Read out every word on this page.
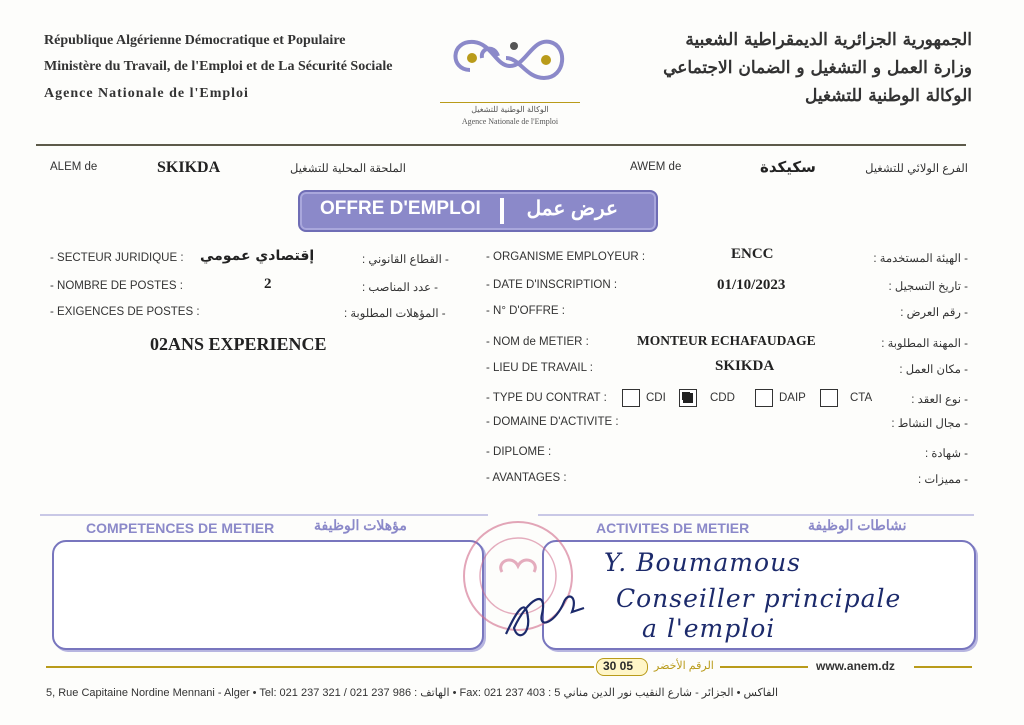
République Algérienne Démocratique et Populaire
Ministère du Travail, de l'Emploi et de La Sécurité Sociale
Agence Nationale de l'Emploi
الجمهورية الجزائرية الديمقراطية الشعبية
وزارة العمل و التشغيل و الضمان الاجتماعي
الوكالة الوطنية للتشغيل
الوكالة الوطنية للتشغيل
Agence Nationale de l'Emploi
ALEM de	SKIKDA	الملحقة المحلية للتشغيل	AWEM de	سكيكدة	الفرع الولائي للتشغيل
OFFRE D'EMPLOI عرض عمل
- SECTEUR JURIDIQUE : إقتصادي عمومي	- القطاع القانوني :
- NOMBRE DE POSTES :	2	- عدد المناصب :
- EXIGENCES DE POSTES :	- المؤهلات المطلوبة :
02ANS EXPERIENCE
- ORGANISME EMPLOYEUR :	ENCC	- الهيئة المستخدمة :
- DATE D'INSCRIPTION :	01/10/2023	- تاريخ التسجيل :
- N° D'OFFRE :	- رقم العرض :
- NOM de METIER :	MONTEUR ECHAFAUDAGE	- المهنة المطلوبة :
- LIEU DE TRAVAIL :	SKIKDA	- مكان العمل :
- TYPE DU CONTRAT :	CDI	CDD	DAIP	CTA	- نوع العقد :
- DOMAINE D'ACTIVITE :	- مجال النشاط :
- DIPLOME :	- شهادة :
- AVANTAGES :	- مميزات :
COMPETENCES DE METIER	مؤهلات الوظيفة	ACTIVITES DE METIER	نشاطات الوظيفة
Y. Boumamous
Conseiller principale
a l'emploi
30 05 الرقم الأخضر	www.anem.dz
5, Rue Capitaine Nordine Mennani - Alger • Tel: 021 237 321 / 021 237 986 : الهاتف • Fax: 021 237 403 : الفاكس • الجزائر - شارع النقيب نور الدين مناني 5
